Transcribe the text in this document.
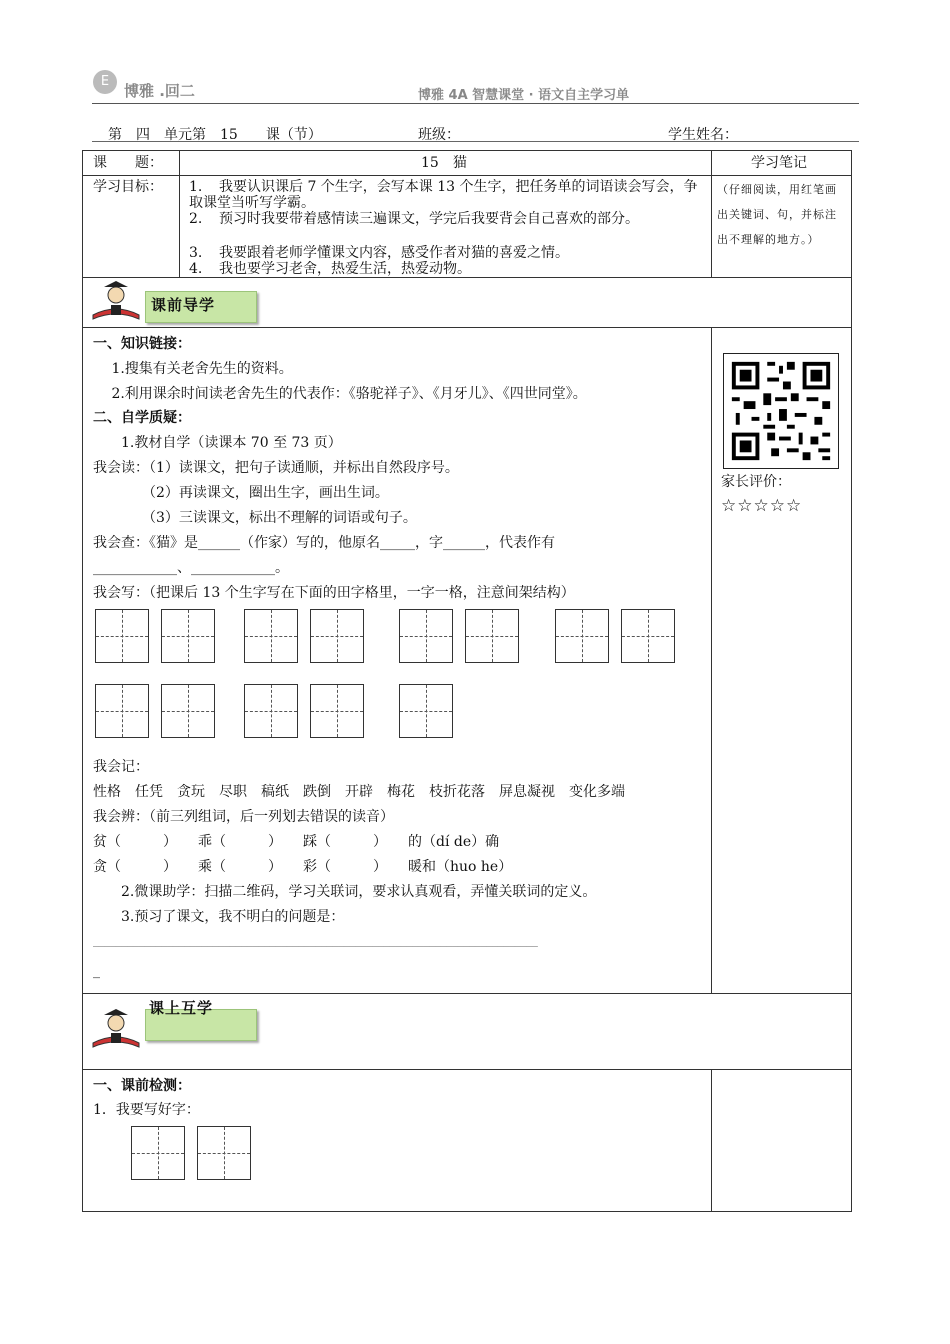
E
博雅 .回二	博雅 4A 智慧课堂 · 语文自主学习单
第　四　单元第　15　　课（节）	班级：	学生姓名：
课　　题：	15　猫	学习笔记
学习目标： 1. 我要认识课后 7 个生字，会写本课 13 个生字，把任务单的词语读会写会，争取课堂当听写学霸。
2. 预习时我要带着感情读三遍课文，学完后我要背会自己喜欢的部分。
3. 我要跟着老师学懂课文内容，感受作者对猫的喜爱之情。
4. 我也要学习老舍，热爱生活，热爱动物。
（仔细阅读，用红笔画出关键词、句，并标注出不理解的地方。）
课前导学
一、知识链接：
　 1.搜集有关老舍先生的资料。
　 2.利用课余时间读老舍先生的代表作：《骆驼祥子》、《月牙儿》、《四世同堂》。
二、自学质疑：
　　1.教材自学（读课本 70 至 73 页）
我会读：（1）读课文，把句子读通顺，并标出自然段序号。
　　　　（2）再读课文，圈出生字，画出生词。
　　　　（3）三读课文，标出不理解的词语或句子。
我会查：《猫》是______（作家）写的，他原名_____，字______，代表作有
____________、____________。
我会写：（把课后 13 个生字写在下面的田字格里，一字一格，注意间架结构）
我会记：
性格　任凭　贪玩　尽职　稿纸　跌倒　开辟　梅花　枝折花落　屏息凝视　变化多端
我会辨：（前三列组词，后一列划去错误的读音）
贫（　　　）　　乖（　　　）　　踩（　　　）　　的（dí de）确
贪（　　　）　　乘（　　　）　　彩（　　　）　　暖和（huo he）
　　2.微课助学：扫描二维码，学习关联词，要求认真观看，弄懂关联词的定义。
　　3.预习了课文，我不明白的问题是：
______________________________________________________________________________
_
家长评价：
☆☆☆☆☆
课上互学
一、课前检测：
1．我要写好字：
